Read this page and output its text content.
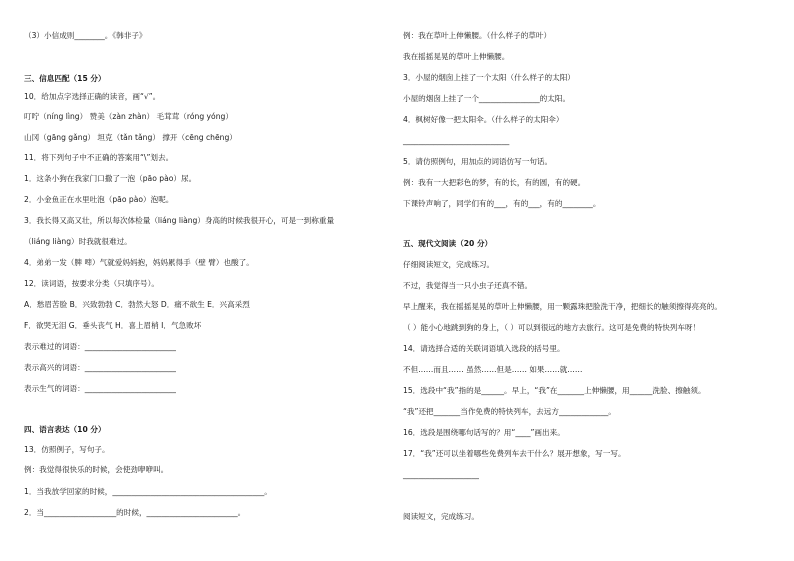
（3）小信成则________。《韩非子》
三、信息匹配（15 分）
10．给加点字选择正确的读音，画“√”。
叮咛（níng lìng） 赞美（zàn zhàn） 毛茸茸（róng yóng）
山冈（gāng gǎng） 坦克（tǎn tǎng） 撑开（cēng chēng）
11．将下列句子中不正确的答案用“\”划去。
1．这条小狗在我家门口撒了一泡（pāo pào）尿。
2．小金鱼正在水里吐泡（pāo pào）泡呢。
3．我长得又高又壮，所以每次体检量（liáng liàng）身高的时候我很开心，可是一到称重量
（liáng liàng）时我就很难过。
4．弟弟一发（脾 啤）气就爱妈妈抱，妈妈累得手（壁 臂）也酸了。
12．读词语，按要求分类（只填序号）。
A．愁眉苦脸 B．兴致勃勃 C．勃然大怒 D．痛不欲生 E．兴高采烈
F．欲哭无泪 G．垂头丧气 H．喜上眉梢 I．气急败坏
表示难过的词语：________________________
表示高兴的词语：________________________
表示生气的词语：________________________
四、语言表达（10 分）
13．仿照例子，写句子。
例：我觉得很快乐的时候，会使劲咿咿叫。
1．当我放学回家的时候，________________________________________。
2．当___________________的时候，________________________。
例：我在草叶上伸懒腰。（什么样子的草叶）
我在摇摇晃晃的草叶上伸懒腰。
3．小屋的烟囱上挂了一个太阳（什么样子的太阳）
小屋的烟囱上挂了一个________________的太阳。
4．枫树好像一把太阳伞。（什么样子的太阳伞）
____________________________
5．请仿照例句，用加点的词语仿写一句话。
例：我有一大把彩色的梦，有的长，有的圆，有的硬。
下课铃声响了，同学们有的___，有的___，有的________。
五、现代文阅读（20 分）
仔细阅读短文，完成练习。
不过，我觉得当一只小虫子还真不错。
早上醒来，我在摇摇晃晃的草叶上伸懒腰，用一颗露珠把脸洗干净，把细长的触须擦得亮亮的。
（ ）能小心地跳到狗的身上，（ ）可以到很远的地方去旅行。这可是免费的特快列车呀！
14．请选择合适的关联词语填入选段的括号里。
不但……而且…… 虽然……但是…… 如果……就……
15．选段中“我”指的是______。早上，“我”在_______上伸懒腰，用______洗脸、擦触须。
“我”还把_______当作免费的特快列车，去远方_____________。
16．选段是围绕哪句话写的？用“____”画出来。
17．“我”还可以坐着哪些免费列车去干什么？展开想象，写一写。
____________________
阅读短文，完成练习。
